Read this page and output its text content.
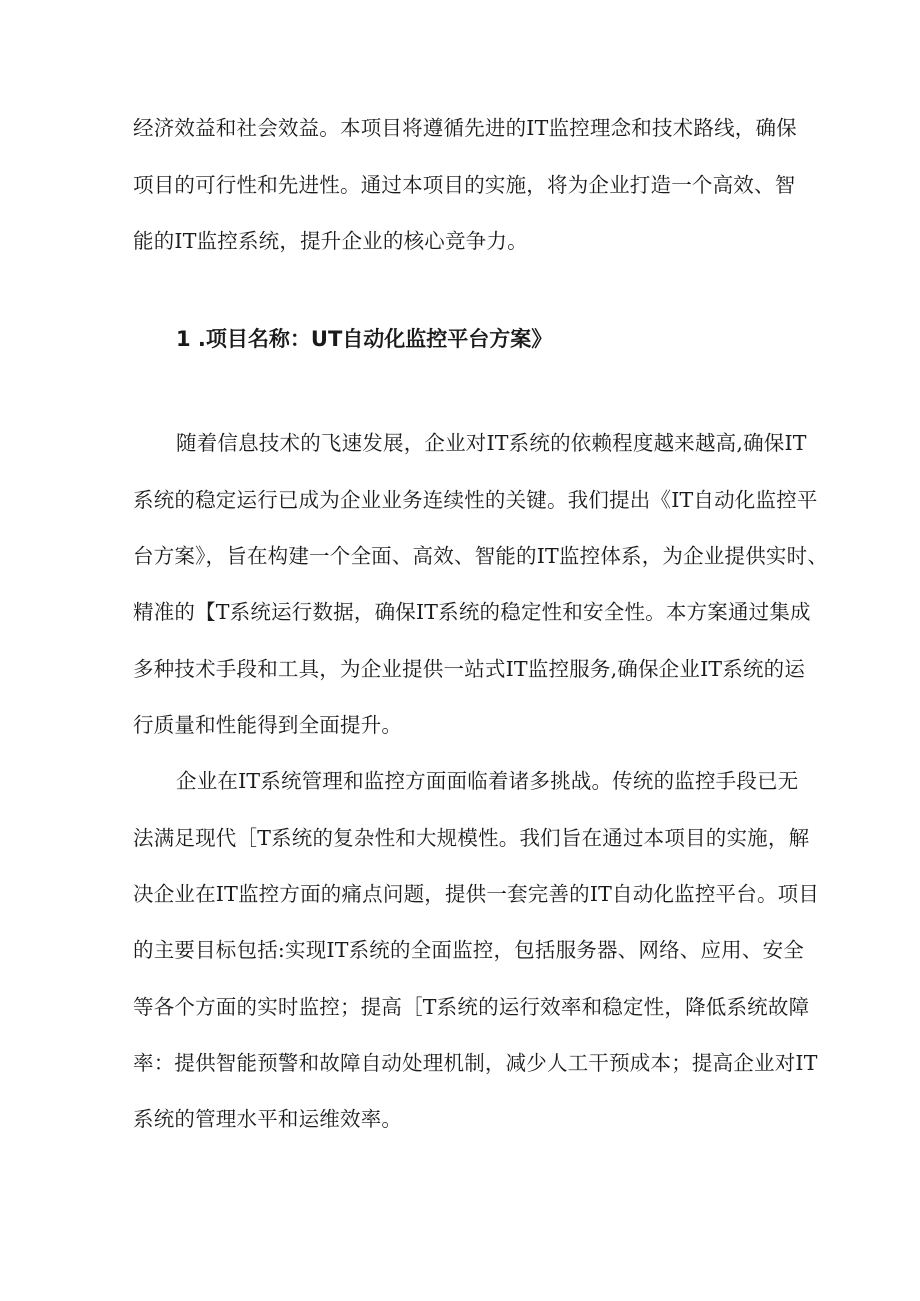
经济效益和社会效益。本项目将遵循先进的IT监控理念和技术路线，确保
项目的可行性和先进性。通过本项目的实施，将为企业打造一个高效、智
能的IT监控系统，提升企业的核心竞争力。
1 .项目名称：UT自动化监控平台方案》
随着信息技术的飞速发展，企业对IT系统的依赖程度越来越高,确保IT
系统的稳定运行已成为企业业务连续性的关键。我们提出《IT自动化监控平
台方案》，旨在构建一个全面、高效、智能的IT监控体系，为企业提供实时、
精准的【T系统运行数据，确保IT系统的稳定性和安全性。本方案通过集成
多种技术手段和工具，为企业提供一站式IT监控服务,确保企业IT系统的运
行质量和性能得到全面提升。
企业在IT系统管理和监控方面面临着诸多挑战。传统的监控手段已无
法满足现代［T系统的复杂性和大规模性。我们旨在通过本项目的实施，解
决企业在IT监控方面的痛点问题，提供一套完善的IT自动化监控平台。项目
的主要目标包括:实现IT系统的全面监控，包括服务器、网络、应用、安全
等各个方面的实时监控；提高［T系统的运行效率和稳定性，降低系统故障
率：提供智能预警和故障自动处理机制，减少人工干预成本；提高企业对IT
系统的管理水平和运维效率。
